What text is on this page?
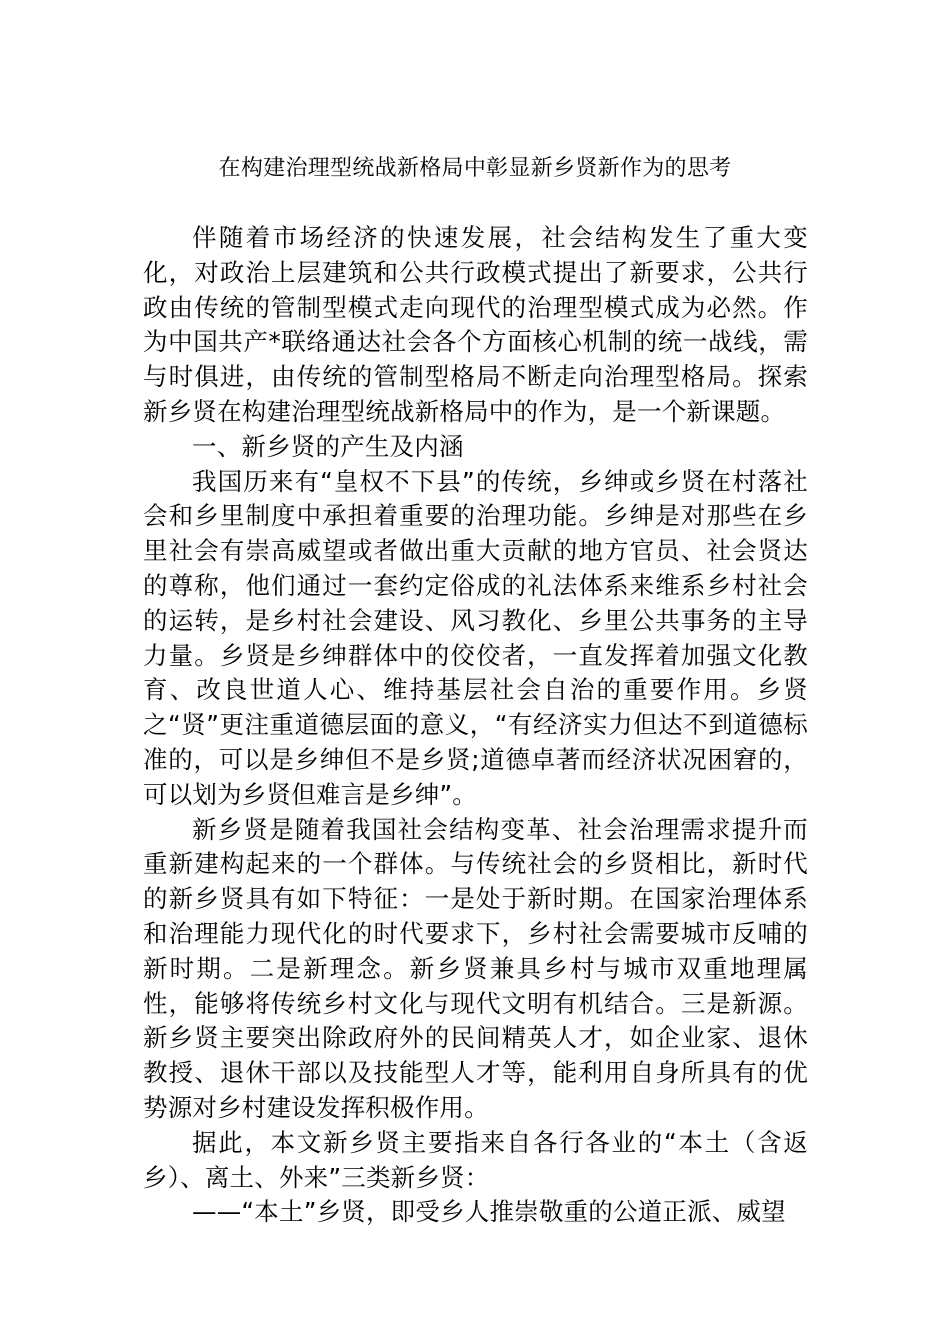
在构建治理型统战新格局中彰显新乡贤新作为的思考

伴随着市场经济的快速发展，社会结构发生了重大变化，对政治上层建筑和公共行政模式提出了新要求，公共行政由传统的管制型模式走向现代的治理型模式成为必然。作为中国共产*联络通达社会各个方面核心机制的统一战线，需与时俱进，由传统的管制型格局不断走向治理型格局。探索新乡贤在构建治理型统战新格局中的作为，是一个新课题。

一、新乡贤的产生及内涵

我国历来有“皇权不下县”的传统，乡绅或乡贤在村落社会和乡里制度中承担着重要的治理功能。乡绅是对那些在乡里社会有崇高威望或者做出重大贡献的地方官员、社会贤达的尊称，他们通过一套约定俗成的礼法体系来维系乡村社会的运转，是乡村社会建设、风习教化、乡里公共事务的主导力量。乡贤是乡绅群体中的佼佼者，一直发挥着加强文化教育、改良世道人心、维持基层社会自治的重要作用。乡贤之“贤”更注重道德层面的意义，“有经济实力但达不到道德标准的，可以是乡绅但不是乡贤;道德卓著而经济状况困窘的，可以划为乡贤但难言是乡绅”。

新乡贤是随着我国社会结构变革、社会治理需求提升而重新建构起来的一个群体。与传统社会的乡贤相比，新时代的新乡贤具有如下特征：一是处于新时期。在国家治理体系和治理能力现代化的时代要求下，乡村社会需要城市反哺的新时期。二是新理念。新乡贤兼具乡村与城市双重地理属性，能够将传统乡村文化与现代文明有机结合。三是新源。新乡贤主要突出除政府外的民间精英人才，如企业家、退休教授、退休干部以及技能型人才等，能利用自身所具有的优势源对乡村建设发挥积极作用。

据此，本文新乡贤主要指来自各行各业的“本土（含返乡）、离土、外来”三类新乡贤：

——“本土”乡贤，即受乡人推崇敬重的公道正派、威望
